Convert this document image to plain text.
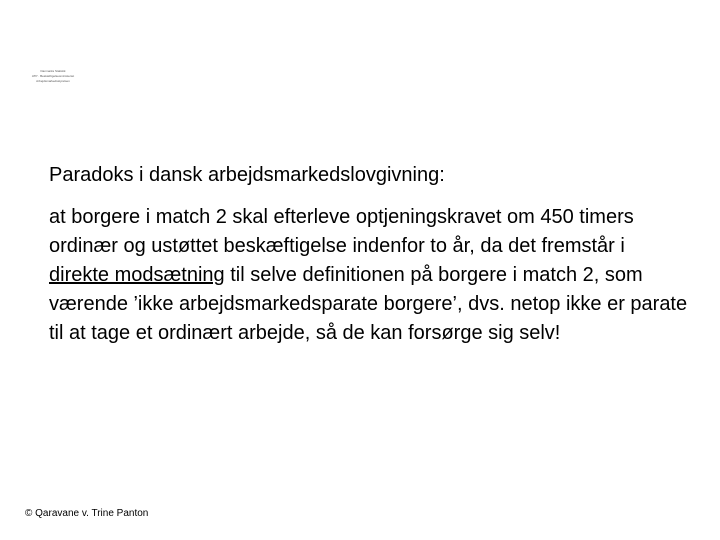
Danmarks Statistik
ATP · Beskæftigelsesministeriet
Arbejdsmarkedsstyrelsen
Paradoks i dansk arbejdsmarkedslovgivning:

at borgere i match 2 skal efterleve optjeningskravet om 450 timers ordinær og ustøttet beskæftigelse indenfor to år, da det fremstår i direkte modsætning til selve definitionen på borgere i match 2, som værende ’ikke arbejdsmarkedsparate borgere’, dvs. netop ikke er parate til at tage et ordinært arbejde, så de kan forsørge sig selv!

© Qaravane v. Trine Panton
